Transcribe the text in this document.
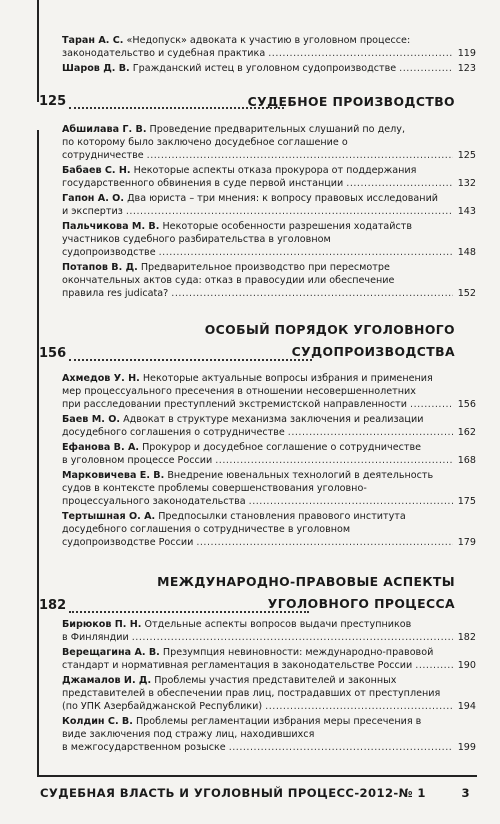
Таран А. С. «Недопуск» адвоката к участию в уголовном процессе:
законодательство и судебная практика .....	119
Шаров Д. В. Гражданский истец в уголовном судопроизводстве .....	123
125	СУДЕБНОЕ ПРОИЗВОДСТВО
Абшилава Г. В. Проведение предварительных слушаний по делу,
по которому было заключено досудебное соглашение о
сотрудничестве .....	125
Бабаев С. Н. Некоторые аспекты отказа прокурора от поддержания
государственного обвинения в суде первой инстанции .....	132
Гапон А. О. Два юриста – три мнения: к вопросу правовых исследований
и экспертиз .....	143
Пальчикова М. В. Некоторые особенности разрешения ходатайств
участников судебного разбирательства в уголовном
судопроизводстве .....	148
Потапов В. Д. Предварительное производство при пересмотре
окончательных актов суда: отказ в правосудии или обеспечение
правила res judicata? .....	152
ОСОБЫЙ ПОРЯДОК УГОЛОВНОГО
156	СУДОПРОИЗВОДСТВА
Ахмедов У. Н. Некоторые актуальные вопросы избрания и применения
мер процессуального пресечения в отношении несовершеннолетних
при расследовании преступлений экстремистской направленности .....	156
Баев М. О. Адвокат в структуре механизма заключения и реализации
досудебного соглашения о сотрудничестве .....	162
Ефанова В. А. Прокурор и досудебное соглашение о сотрудничестве
в уголовном процессе России .....	168
Марковичева Е. В. Внедрение ювенальных технологий в деятельность
судов в контексте проблемы совершенствования уголовно-
процессуального законодательства .....	175
Тертышная О. А. Предпосылки становления правового института
досудебного соглашения о сотрудничестве в уголовном
судопроизводстве России .....	179
МЕЖДУНАРОДНО-ПРАВОВЫЕ АСПЕКТЫ
182	УГОЛОВНОГО ПРОЦЕССА
Бирюков П. Н. Отдельные аспекты вопросов выдачи преступников
в Финляндии .....	182
Верещагина А. В. Презумпция невиновности: международно-правовой
стандарт и нормативная регламентация в законодательстве России .....	190
Джамалов И. Д. Проблемы участия представителей и законных
представителей в обеспечении прав лиц, пострадавших от преступления
(по УПК Азербайджанской Республики) .....	194
Колдин С. В. Проблемы регламентации избрания меры пресечения в
виде заключения под стражу лиц, находившихся
в межгосударственном розыске .....	199
СУДЕБНАЯ ВЛАСТЬ И УГОЛОВНЫЙ ПРОЦЕСС-2012-№ 1	3
